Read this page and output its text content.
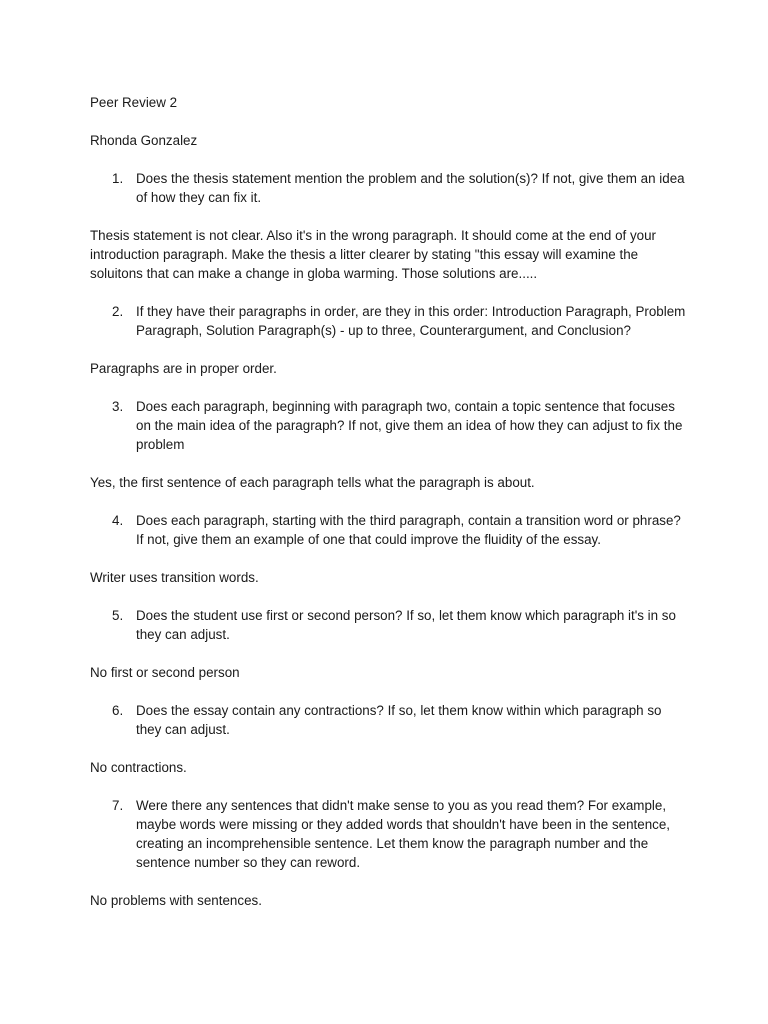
Peer Review 2

Rhonda Gonzalez

1. Does the thesis statement mention the problem and the solution(s)? If not, give them an idea of how they can fix it.

Thesis statement is not clear. Also it's in the wrong paragraph. It should come at the end of your introduction paragraph. Make the thesis a litter clearer by stating "this essay will examine the soluitons that can make a change in globa warming. Those solutions are.....

2. If they have their paragraphs in order, are they in this order: Introduction Paragraph, Problem Paragraph, Solution Paragraph(s) - up to three, Counterargument, and Conclusion?

Paragraphs are in proper order.

3. Does each paragraph, beginning with paragraph two, contain a topic sentence that focuses on the main idea of the paragraph? If not, give them an idea of how they can adjust to fix the problem

Yes, the first sentence of each paragraph tells what the paragraph is about.

4. Does each paragraph, starting with the third paragraph, contain a transition word or phrase? If not, give them an example of one that could improve the fluidity of the essay.

Writer uses transition words.

5. Does the student use first or second person? If so, let them know which paragraph it's in so they can adjust.

No first or second person

6. Does the essay contain any contractions? If so, let them know within which paragraph so they can adjust.

No contractions.

7. Were there any sentences that didn't make sense to you as you read them? For example, maybe words were missing or they added words that shouldn't have been in the sentence, creating an incomprehensible sentence. Let them know the paragraph number and the sentence number so they can reword.

No problems with sentences.
